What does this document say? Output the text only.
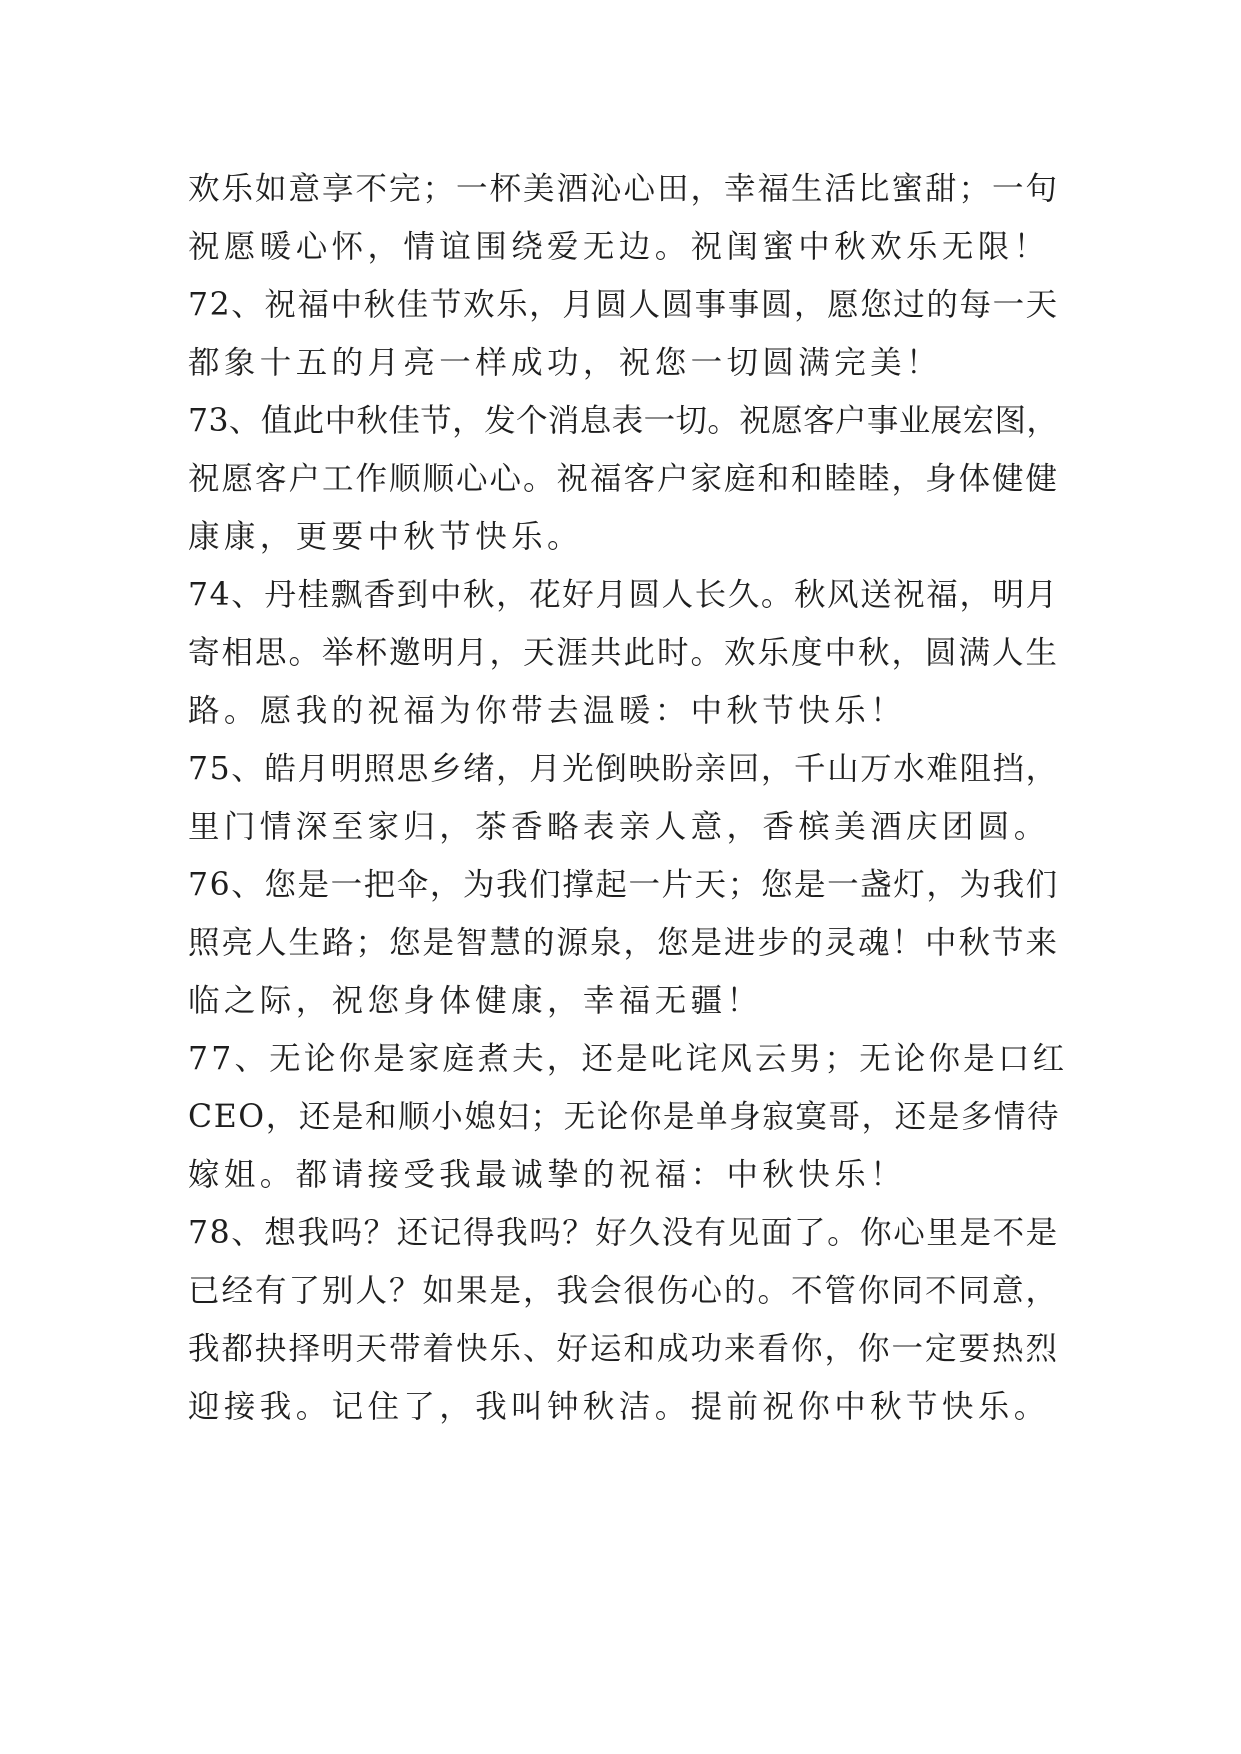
欢乐如意享不完；一杯美酒沁心田，幸福生活比蜜甜；一句
祝愿暖心怀，情谊围绕爱无边。祝闺蜜中秋欢乐无限！
72、祝福中秋佳节欢乐，月圆人圆事事圆，愿您过的每一天
都象十五的月亮一样成功，祝您一切圆满完美！
73、值此中秋佳节，发个消息表一切。祝愿客户事业展宏图，
祝愿客户工作顺顺心心。祝福客户家庭和和睦睦，身体健健
康康，更要中秋节快乐。
74、丹桂飘香到中秋，花好月圆人长久。秋风送祝福，明月
寄相思。举杯邀明月，天涯共此时。欢乐度中秋，圆满人生
路。愿我的祝福为你带去温暖：中秋节快乐！
75、皓月明照思乡绪，月光倒映盼亲回，千山万水难阻挡，
里门情深至家归，茶香略表亲人意，香槟美酒庆团圆。
76、您是一把伞，为我们撑起一片天；您是一盏灯，为我们
照亮人生路；您是智慧的源泉，您是进步的灵魂！中秋节来
临之际，祝您身体健康，幸福无疆！
77、无论你是家庭煮夫，还是叱诧风云男；无论你是口红
CEO，还是和顺小媳妇；无论你是单身寂寞哥，还是多情待
嫁姐。都请接受我最诚挚的祝福：中秋快乐！
78、想我吗？还记得我吗？好久没有见面了。你心里是不是
已经有了别人？如果是，我会很伤心的。不管你同不同意，
我都抉择明天带着快乐、好运和成功来看你，你一定要热烈
迎接我。记住了，我叫钟秋洁。提前祝你中秋节快乐。
